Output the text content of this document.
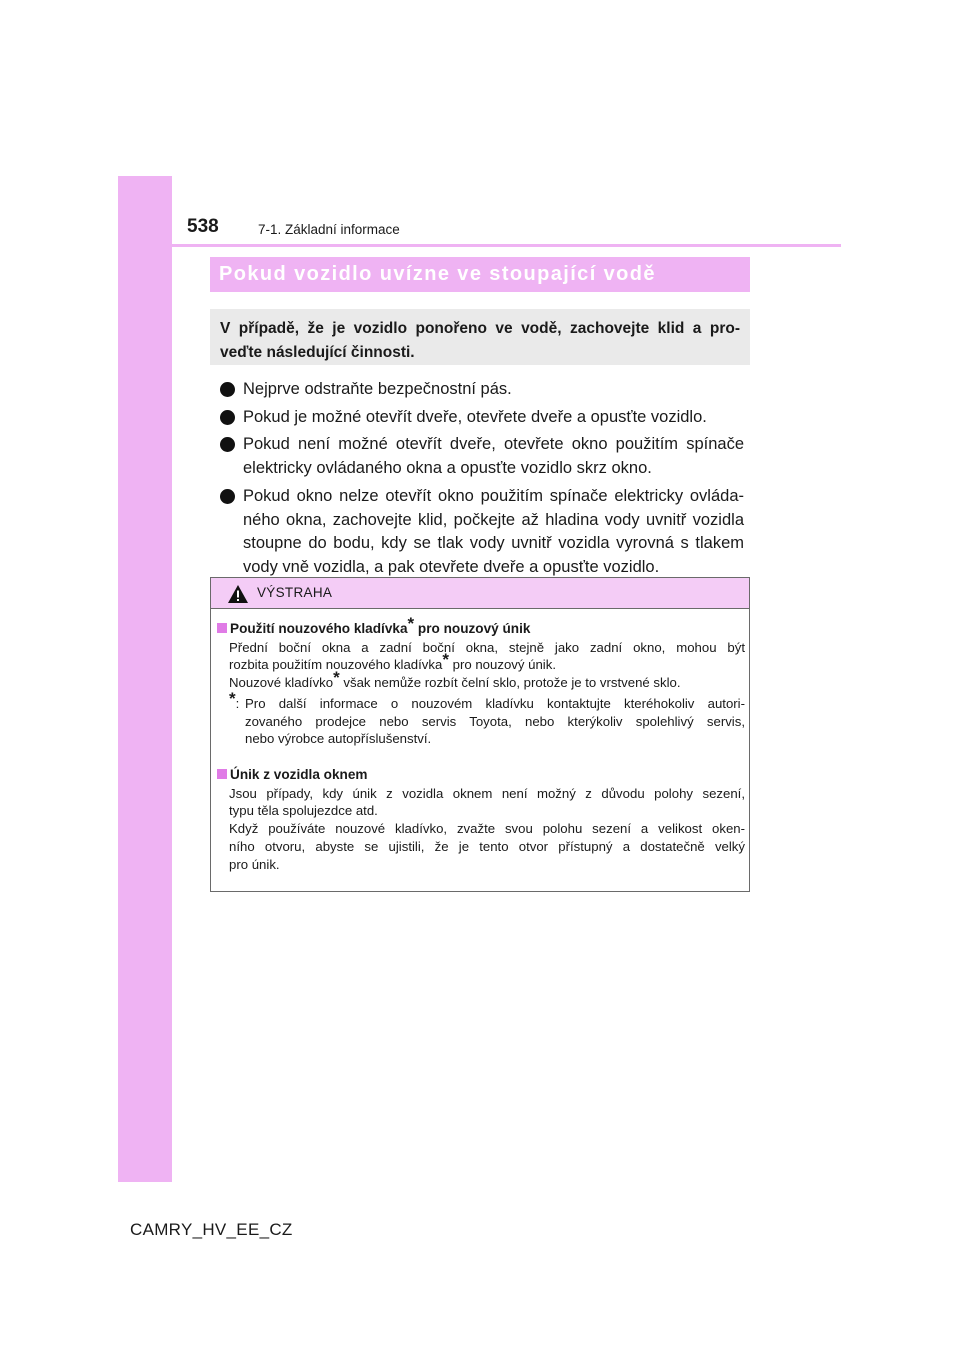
538	7-1. Základní informace
Pokud vozidlo uvízne ve stoupající vodě
V případě, že je vozidlo ponořeno ve vodě, zachovejte klid a pro-
veďte následující činnosti.
Nejprve odstraňte bezpečnostní pás.
Pokud je možné otevřít dveře, otevřete dveře a opusťte vozidlo.
Pokud není možné otevřít dveře, otevřete okno použitím spínače
elektricky ovládaného okna a opusťte vozidlo skrz okno.
Pokud okno nelze otevřít okno použitím spínače elektricky ovláda-
ného okna, zachovejte klid, počkejte až hladina vody uvnitř vozidla
stoupne do bodu, kdy se tlak vody uvnitř vozidla vyrovná s tlakem
vody vně vozidla, a pak otevřete dveře a opusťte vozidlo.
VÝSTRAHA
Použití nouzového kladívka* pro nouzový únik
Přední boční okna a zadní boční okna, stejně jako zadní okno, mohou být
rozbita použitím nouzového kladívka* pro nouzový únik.
Nouzové kladívko* však nemůže rozbít čelní sklo, protože je to vrstvené sklo.
*: Pro další informace o nouzovém kladívku kontaktujte kteréhokoliv autori-
zovaného prodejce nebo servis Toyota, nebo kterýkoliv spolehlivý servis,
nebo výrobce autopříslušenství.
Únik z vozidla oknem
Jsou případy, kdy únik z vozidla oknem není možný z důvodu polohy sezení,
typu těla spolujezdce atd.
Když používáte nouzové kladívko, zvažte svou polohu sezení a velikost oken-
ního otvoru, abyste se ujistili, že je tento otvor přístupný a dostatečně velký
pro únik.
CAMRY_HV_EE_CZ
